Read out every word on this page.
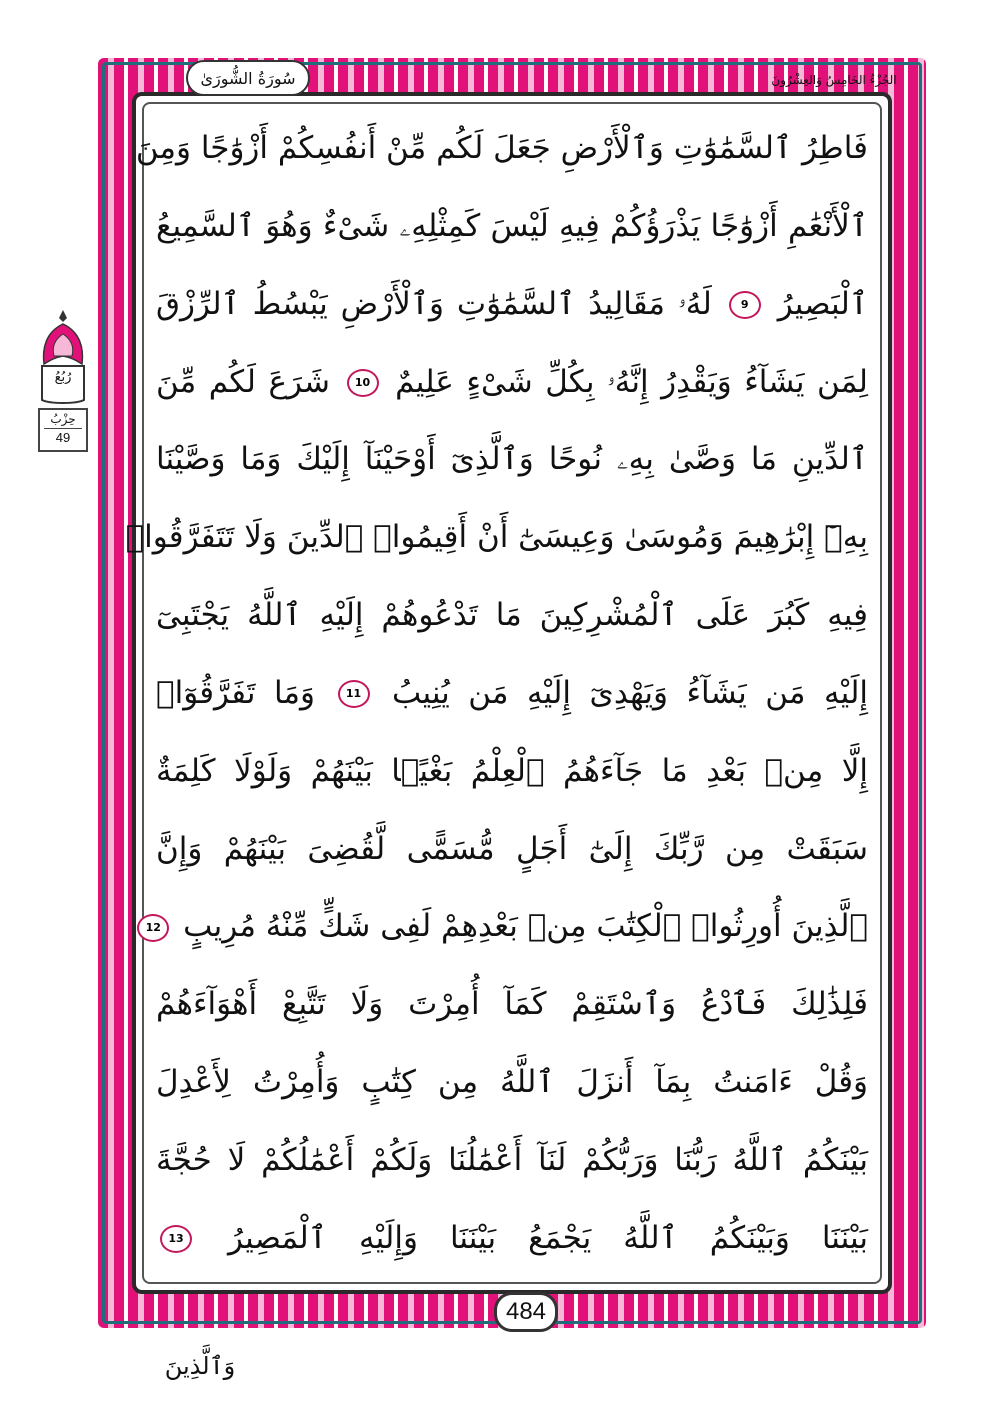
الجُزْءُ الخَامِسُ وَالعِشْرُونَ
سُورَةُ الشُّورَىٰ
فَاطِرُ ٱلسَّمَٰوَٰتِ وَٱلْأَرْضِ جَعَلَ لَكُم مِّنْ أَنفُسِكُمْ أَزْوَٰجًا وَمِنَ
ٱلْأَنْعَٰمِ أَزْوَٰجًا يَذْرَؤُكُمْ فِيهِ لَيْسَ كَمِثْلِهِۦ شَىْءٌ وَهُوَ ٱلسَّمِيعُ
ٱلْبَصِيرُ 9 لَهُۥ مَقَالِيدُ ٱلسَّمَٰوَٰتِ وَٱلْأَرْضِ يَبْسُطُ ٱلرِّزْقَ
لِمَن يَشَآءُ وَيَقْدِرُ إِنَّهُۥ بِكُلِّ شَىْءٍ عَلِيمٌ 10 شَرَعَ لَكُم مِّنَ
ٱلدِّينِ مَا وَصَّىٰ بِهِۦ نُوحًا وَٱلَّذِىٓ أَوْحَيْنَآ إِلَيْكَ وَمَا وَصَّيْنَا
بِهِۦٓ إِبْرَٰهِيمَ وَمُوسَىٰ وَعِيسَىٰٓ أَنْ أَقِيمُوا۟ ٱلدِّينَ وَلَا تَتَفَرَّقُوا۟
فِيهِ كَبُرَ عَلَى ٱلْمُشْرِكِينَ مَا تَدْعُوهُمْ إِلَيْهِ ٱللَّهُ يَجْتَبِىٓ
إِلَيْهِ مَن يَشَآءُ وَيَهْدِىٓ إِلَيْهِ مَن يُنِيبُ 11 وَمَا تَفَرَّقُوٓا۟
إِلَّا مِنۢ بَعْدِ مَا جَآءَهُمُ ٱلْعِلْمُ بَغْيًۢا بَيْنَهُمْ وَلَوْلَا كَلِمَةٌ
سَبَقَتْ مِن رَّبِّكَ إِلَىٰٓ أَجَلٍ مُّسَمًّى لَّقُضِىَ بَيْنَهُمْ وَإِنَّ
ٱلَّذِينَ أُورِثُوا۟ ٱلْكِتَٰبَ مِنۢ بَعْدِهِمْ لَفِى شَكٍّ مِّنْهُ مُرِيبٍ 12
فَلِذَٰلِكَ فَٱدْعُ وَٱسْتَقِمْ كَمَآ أُمِرْتَ وَلَا تَتَّبِعْ أَهْوَآءَهُمْ
وَقُلْ ءَامَنتُ بِمَآ أَنزَلَ ٱللَّهُ مِن كِتَٰبٍ وَأُمِرْتُ لِأَعْدِلَ
بَيْنَكُمُ ٱللَّهُ رَبُّنَا وَرَبُّكُمْ لَنَآ أَعْمَٰلُنَا وَلَكُمْ أَعْمَٰلُكُمْ لَا حُجَّةَ
بَيْنَنَا وَبَيْنَكُمُ ٱللَّهُ يَجْمَعُ بَيْنَنَا وَإِلَيْهِ ٱلْمَصِيرُ 13
رُبُعُ
حِزْبُ
49
484
وَٱلَّذِينَ
